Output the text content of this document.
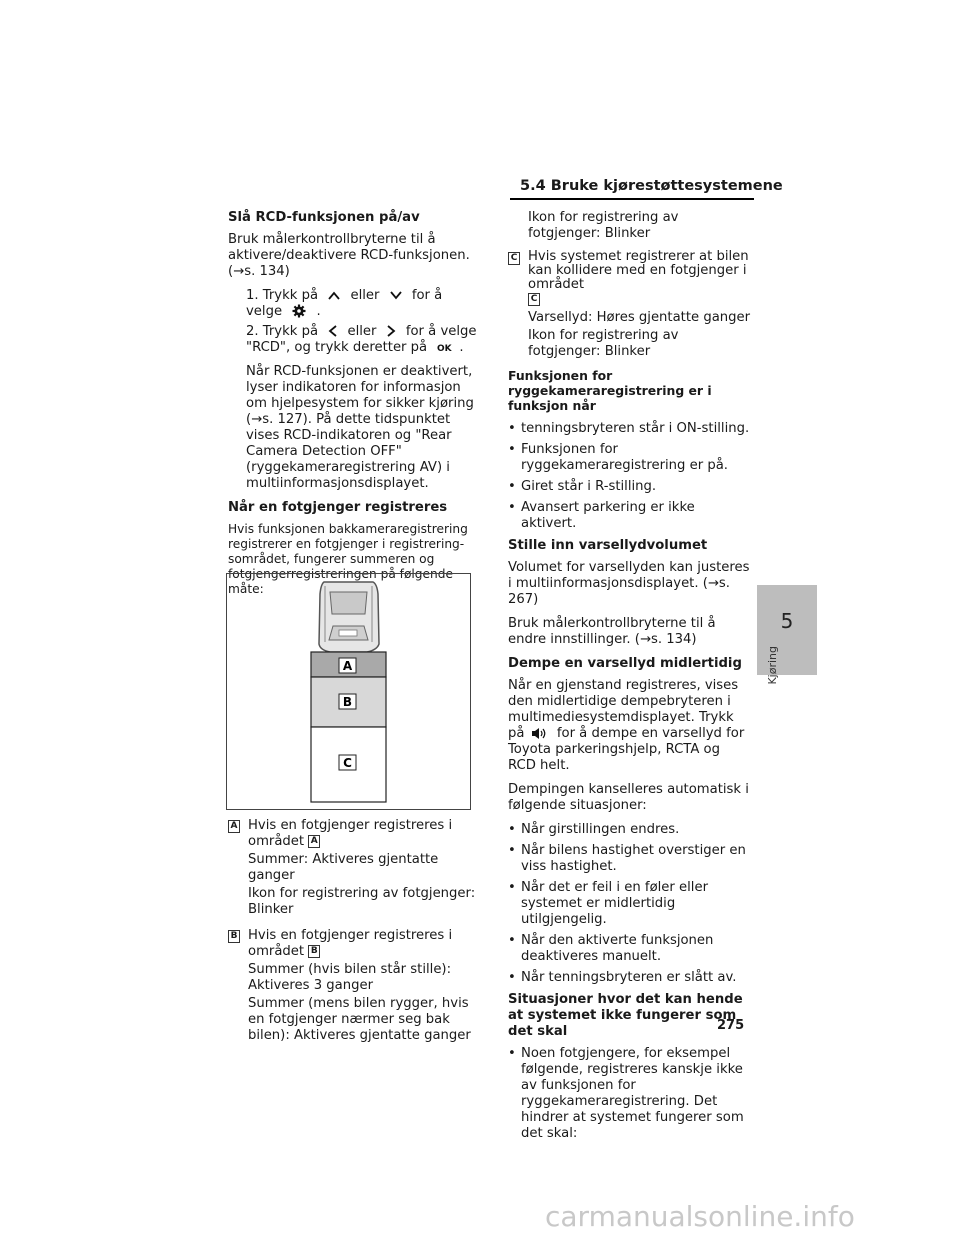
5.4 Bruke kjørestøttesystemene

Slå RCD-funksjonen på/av

Bruk målerkontrollbryterne til å aktivere/deaktivere RCD-funksjonen. (→s. 134)

1. Trykk på eller for å velge	.

2. Trykk på eller for å velge
"RCD", og trykk deretter på OK .

Når RCD-funksjonen er deaktivert, lyser indikatoren for informasjon om hjelpesystem for sikker kjøring (→s. 127). På dette tidspunktet vises RCD-indikatoren og "Rear Camera Detection OFF" (ryggekameraregistrering AV) i multiinformasjonsdisplayet.

Når en fotgjenger registreres

Hvis funksjonen bakkameraregistrering registrerer en fotgjenger i registrering-sområdet, fungerer summeren og fotgjengerregistreringen på følgende måte:

A
B
C
A Hvis en fotgjenger registreres i
området A
Summer: Aktiveres gjentatte ganger
Ikon for registrering av fotgjenger: Blinker
B Hvis en fotgjenger registreres i
området B
Summer (hvis bilen står stille): Aktiveres 3 ganger
Summer (mens bilen rygger, hvis en fotgjenger nærmer seg bak bilen): Aktiveres gjentatte ganger

Ikon for registrering av fotgjenger: Blinker

C Hvis systemet registrerer at bilen kan kollidere med en fotgjenger i området
C
Varsellyd: Høres gjentatte ganger
Ikon for registrering av fotgjenger: Blinker

Funksjonen for ryggekameraregistrering er i funksjon når

• tenningsbryteren står i ON-stilling.
• Funksjonen for ryggekameraregistrering er på.
• Giret står i R-stilling.
• Avansert parkering er ikke aktivert.

Stille inn varsellydvolumet

Volumet for varsellyden kan justeres i multiinformasjonsdisplayet. (→s. 267)

Bruk målerkontrollbryterne til å endre innstillinger. (→s. 134)

Dempe en varsellyd midlertidig

Når en gjenstand registreres, vises den midlertidige dempebryteren i multimediesystemdisplayet. Trykk på for å dempe en varsellyd for Toyota parkeringshjelp, RCTA og RCD helt.

Dempingen kanselleres automatisk i følgende situasjoner:

• Når girstillingen endres.
• Når bilens hastighet overstiger en viss hastighet.
• Når det er feil i en føler eller systemet er midlertidig utilgjengelig.
• Når den aktiverte funksjonen deaktiveres manuelt.
• Når tenningsbryteren er slått av.

Situasjoner hvor det kan hende at systemet ikke fungerer som det skal

• Noen fotgjengere, for eksempel følgende, registreres kanskje ikke av funksjonen for ryggekameraregistrering. Det hindrer at systemet fungerer som det skal:
5
Kjøring
275
carmanualsonline.info
